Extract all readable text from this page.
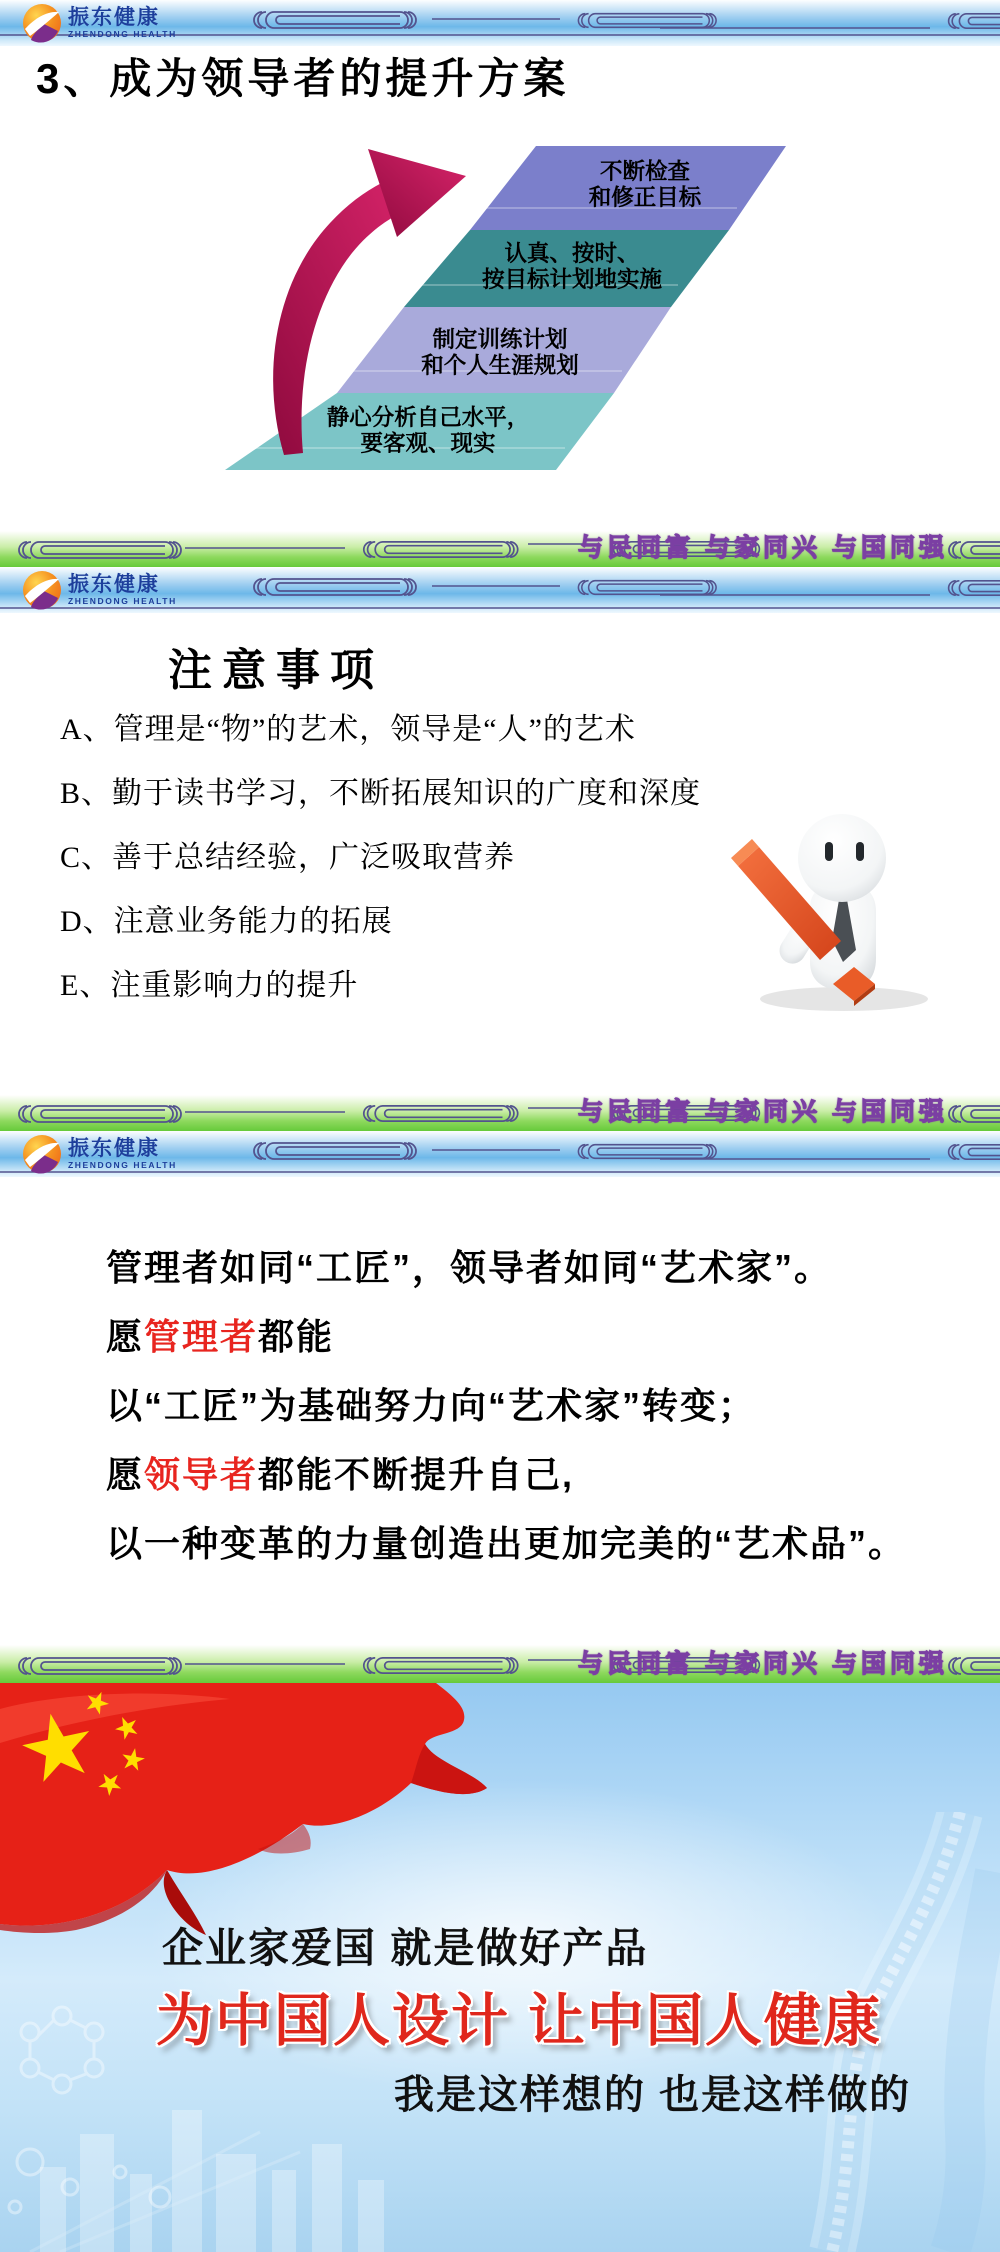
振东健康
ZHENDONG HEALTH
3、成为领导者的提升方案
不断检查
和修正目标
认真、按时、
按目标计划地实施
制定训练计划
和个人生涯规划
静心分析自己水平，
要客观、现实
与民同富 与家同兴 与国同强
振东健康
ZHENDONG HEALTH
注意事项
A、管理是“物”的艺术，领导是“人”的艺术
B、勤于读书学习，不断拓展知识的广度和深度
C、善于总结经验，广泛吸取营养
D、注意业务能力的拓展
E、注重影响力的提升
与民同富 与家同兴 与国同强
振东健康
ZHENDONG HEALTH
管理者如同“工匠”，领导者如同“艺术家”。
愿管理者都能
以“工匠”为基础努力向“艺术家”转变；
愿领导者都能不断提升自己,
以一种变革的力量创造出更加完美的“艺术品”。
与民同富 与家同兴 与国同强
企业家爱国 就是做好产品
为中国人设计 让中国人健康
我是这样想的 也是这样做的
